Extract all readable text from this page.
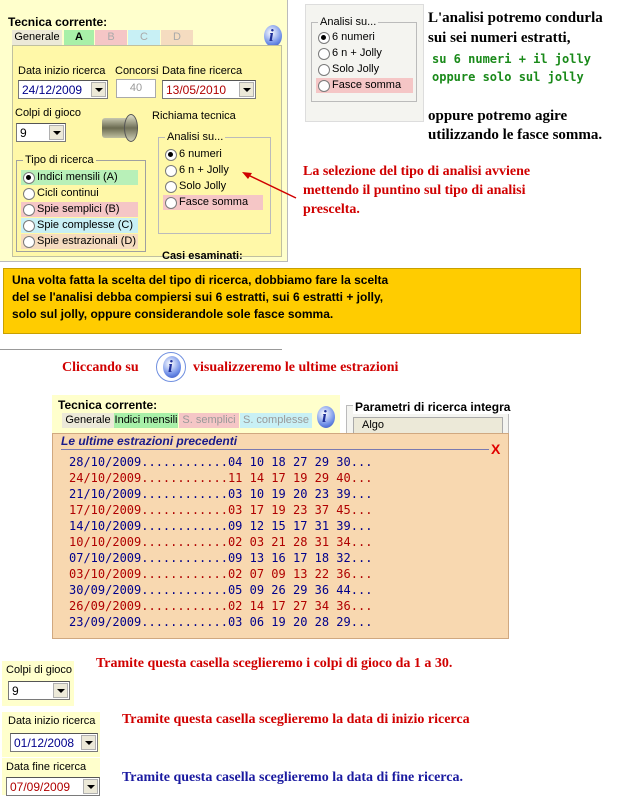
Tecnica corrente:
Generale	A	B	C	D
i
Data inizio ricerca
24/12/2009
Concorsi
40
Data fine ricerca
13/05/2010
Colpi di gioco
9
Richiama tecnica
Tipo di ricerca
Indici mensili (A)
Cicli continui
Spie semplici (B)
Spie complesse (C)
Spie estrazionali (D)
Analisi su...
6 numeri
6 n + Jolly
Solo Jolly
Fasce somma
Casi esaminati:
Analisi su...
6 numeri
6 n + Jolly
Solo Jolly
Fasce somma
L'analisi potremo condurla
sui sei numeri estratti,
su 6 numeri + il jolly
oppure solo sul jolly
oppure potremo agire
utilizzando le fasce somma.
La selezione del tipo di analisi avviene
mettendo il puntino sul tipo di analisi
prescelta.
Una volta fatta la scelta del tipo di ricerca, dobbiamo fare la scelta
del se l'analisi debba compiersi sui 6 estratti, sui 6 estratti + jolly,
solo sul jolly, oppure considerandole sole fasce somma.
Cliccando su
i	visualizzeremo le ultime estrazioni
Tecnica corrente:
Generale Indici mensili S. semplici S. complesse
i
Parametri di ricerca integra
Algo
Le ultime estrazioni precedenti	X
28/10/2009............04 10 18 27 29 30...
24/10/2009............11 14 17 19 29 40...
21/10/2009............03 10 19 20 23 39...
17/10/2009............03 17 19 23 37 45...
14/10/2009............09 12 15 17 31 39...
10/10/2009............02 03 21 28 31 34...
07/10/2009............09 13 16 17 18 32...
03/10/2009............02 07 09 13 22 36...
30/09/2009............05 09 26 29 36 44...
26/09/2009............02 14 17 27 34 36...
23/09/2009............03 06 19 20 28 29...
Colpi di gioco
9
Tramite questa casella sceglieremo i colpi di gioco da 1 a 30.
Data inizio ricerca
01/12/2008
Tramite questa casella sceglieremo la data di inizio ricerca
Data fine ricerca
07/09/2009
Tramite questa casella sceglieremo la data di fine ricerca.
